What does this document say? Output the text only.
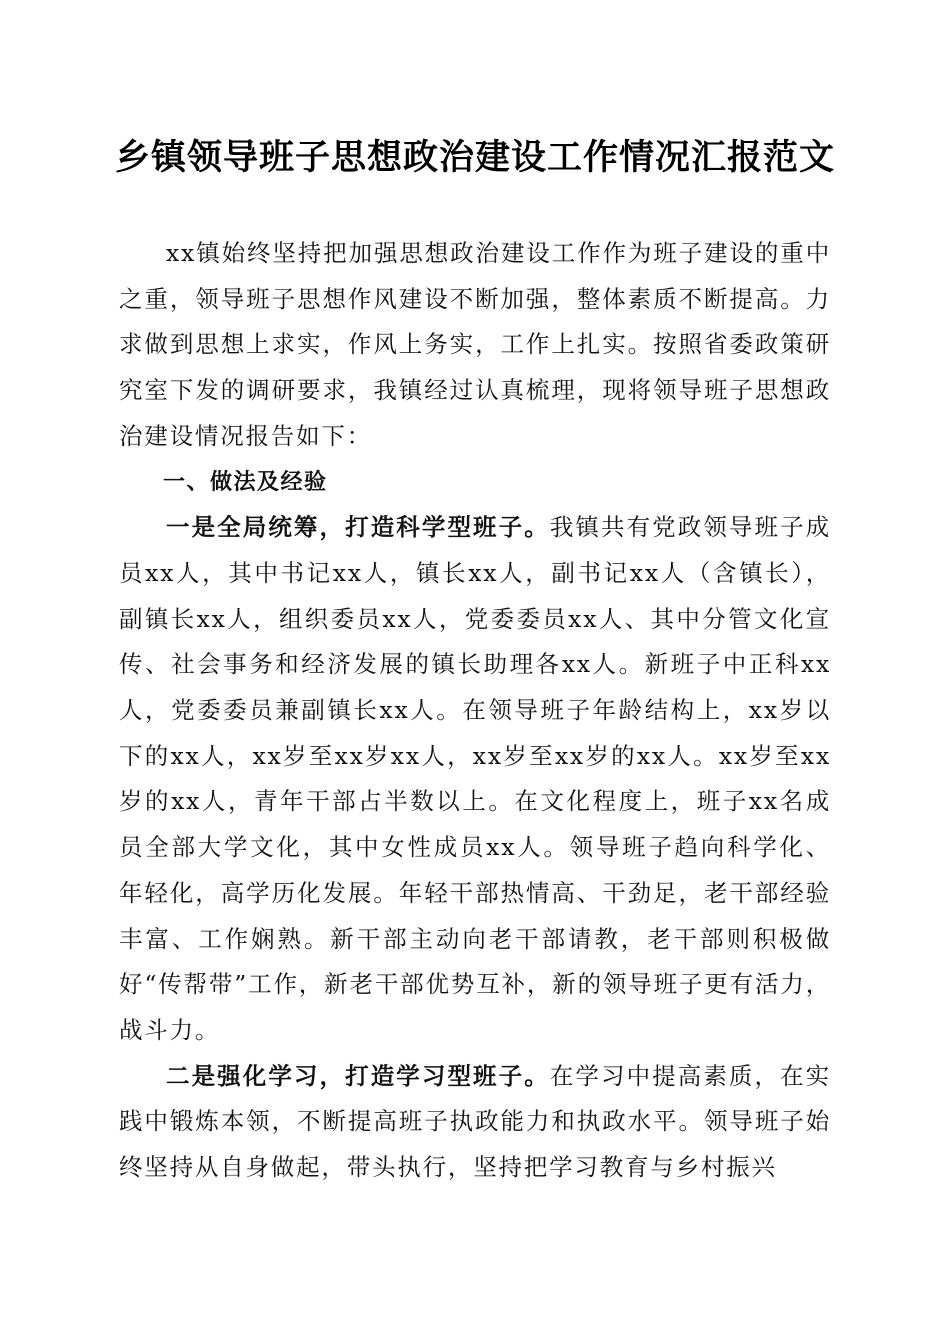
乡镇领导班子思想政治建设工作情况汇报范文

xx镇始终坚持把加强思想政治建设工作作为班子建设的重中之重，领导班子思想作风建设不断加强，整体素质不断提高。力求做到思想上求实，作风上务实，工作上扎实。按照省委政策研究室下发的调研要求，我镇经过认真梳理，现将领导班子思想政治建设情况报告如下：

一、做法及经验

一是全局统筹，打造科学型班子。我镇共有党政领导班子成员xx人，其中书记xx人，镇长xx人，副书记xx人（含镇长），副镇长xx人，组织委员xx人，党委委员xx人、其中分管文化宣传、社会事务和经济发展的镇长助理各xx人。新班子中正科xx人，党委委员兼副镇长xx人。在领导班子年龄结构上，xx岁以下的xx人，xx岁至xx岁xx人，xx岁至xx岁的xx人。xx岁至xx岁的xx人，青年干部占半数以上。在文化程度上，班子xx名成员全部大学文化，其中女性成员xx人。领导班子趋向科学化、年轻化，高学历化发展。年轻干部热情高、干劲足，老干部经验丰富、工作娴熟。新干部主动向老干部请教，老干部则积极做好“传帮带”工作，新老干部优势互补，新的领导班子更有活力，战斗力。

二是强化学习，打造学习型班子。在学习中提高素质，在实践中锻炼本领，不断提高班子执政能力和执政水平。领导班子始终坚持从自身做起，带头执行，坚持把学习教育与乡村振兴
